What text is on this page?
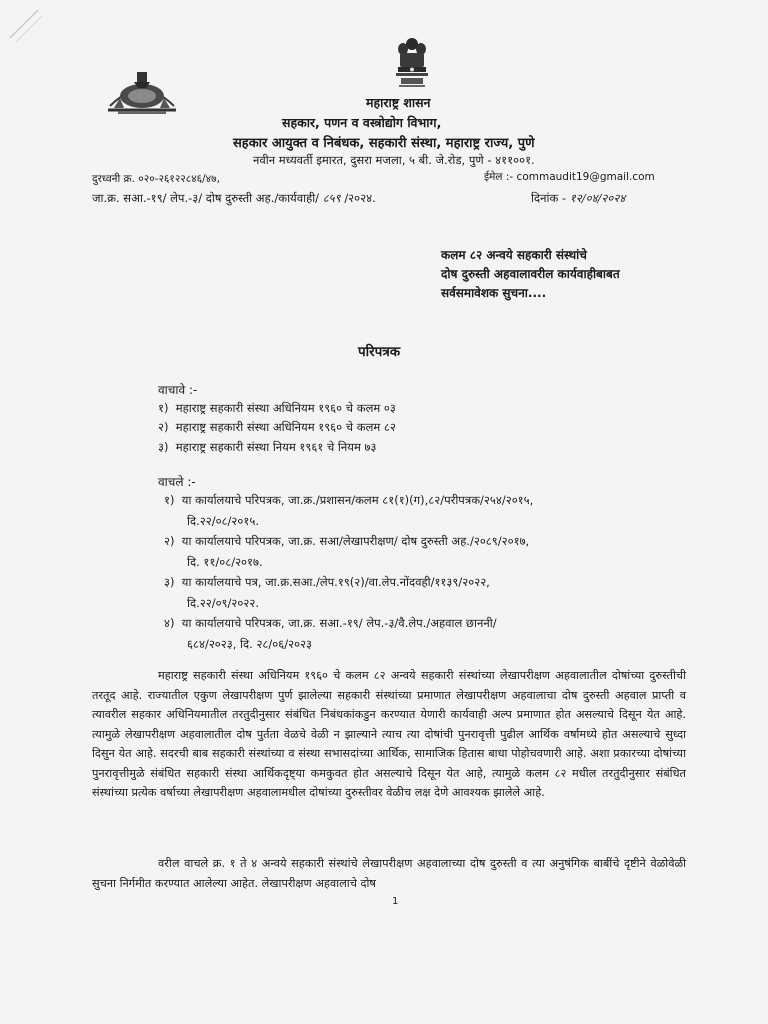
महाराष्ट्र शासन
सहकार, पणन व वस्त्रोद्योग विभाग,
सहकार आयुक्त व निबंधक, सहकारी संस्था, महाराष्ट्र राज्य, पुणे
नवीन मध्यवर्ती इमारत, दुसरा मजला, ५ बी. जे.रोड, पुणे - ४११००१.
दुरध्वनी क्र. ०२०-२६१२२८४६/४७,	ईमेल :- commaudit19@gmail.com
जा.क्र. सआ.-१९/ लेप.-३/ दोष दुरुस्ती अह./कार्यवाही/ ८५९ /२०२४.	दिनांक - १२/०४/२०२४
कलम ८२ अन्वये सहकारी संस्थांचे
दोष दुरुस्ती अहवालावरील कार्यवाहीबाबत
सर्वसमावेशक सुचना....
परिपत्रक
वाचावे :-
१) महाराष्ट्र सहकारी संस्था अधिनियम १९६० चे कलम ०३
२) महाराष्ट्र सहकारी संस्था अधिनियम १९६० चे कलम ८२
३) महाराष्ट्र सहकारी संस्था नियम १९६१ चे नियम ७३
वाचले :-
१) या कार्यालयाचे परिपत्रक, जा.क्र./प्रशासन/कलम ८१(१)(ग),८२/परीपत्रक/२५४/२०१५,
दि.२२/०८/२०१५.
२) या कार्यालयाचे परिपत्रक, जा.क्र. सआ/लेखापरीक्षण/ दोष दुरुस्ती अह./२०८९/२०१७,
दि. ११/०८/२०१७.
३) या कार्यालयाचे पत्र, जा.क्र.सआ./लेप.१९(२)/वा.लेप.नोंदवही/११३९/२०२२,
दि.२२/०९/२०२२.
४) या कार्यालयाचे परिपत्रक, जा.क्र. सआ.-१९/ लेप.-३/वै.लेप./अहवाल छाननी/
६८४/२०२३, दि. २८/०६/२०२३
महाराष्ट्र सहकारी संस्था अधिनियम १९६० चे कलम ८२ अन्वये सहकारी संस्थांच्या लेखापरीक्षण अहवालातील दोषांच्या दुरुस्तीची तरतूद आहे. राज्यातील एकुण लेखापरीक्षण पुर्ण झालेल्या सहकारी संस्थांच्या प्रमाणात लेखापरीक्षण अहवालाचा दोष दुरुस्ती अहवाल प्राप्ती व त्यावरील सहकार अधिनियमातील तरतुदीनुसार संबंधित निबंधकांकडुन करण्यात येणारी कार्यवाही अल्प प्रमाणात होत असल्याचे दिसून येत आहे. त्यामुळे लेखापरीक्षण अहवालातील दोष पुर्तता वेळचे वेळी न झाल्याने त्याच त्या दोषांची पुनरावृत्ती पुढील आर्थिक वर्षामध्ये होत असल्याचे सुध्दा दिसुन येत आहे. सदरची बाब सहकारी संस्थांच्या व संस्था सभासदांच्या आर्थिक, सामाजिक हितास बाधा पोहोचवणारी आहे. अशा प्रकारच्या दोषांच्या पुनरावृत्तीमुळे संबंधित सहकारी संस्था आर्थिकदृष्ट्या कमकुवत होत असल्याचे दिसून येत आहे, त्यामुळे कलम ८२ मधील तरतुदीनुसार संबंधित संस्थांच्या प्रत्येक वर्षाच्या लेखापरीक्षण अहवालामधील दोषांच्या दुरुस्तीवर वेळीच लक्ष देणे आवश्यक झालेले आहे.
वरील वाचले क्र. १ ते ४ अन्वये सहकारी संस्थांचे लेखापरीक्षण अहवालाच्या दोष दुरुस्ती व त्या अनुषंगिक बाबींचे दृष्टीने वेळोवेळी सुचना निर्गमीत करण्यात आलेल्या आहेत. लेखापरीक्षण अहवालाचे दोष
1
